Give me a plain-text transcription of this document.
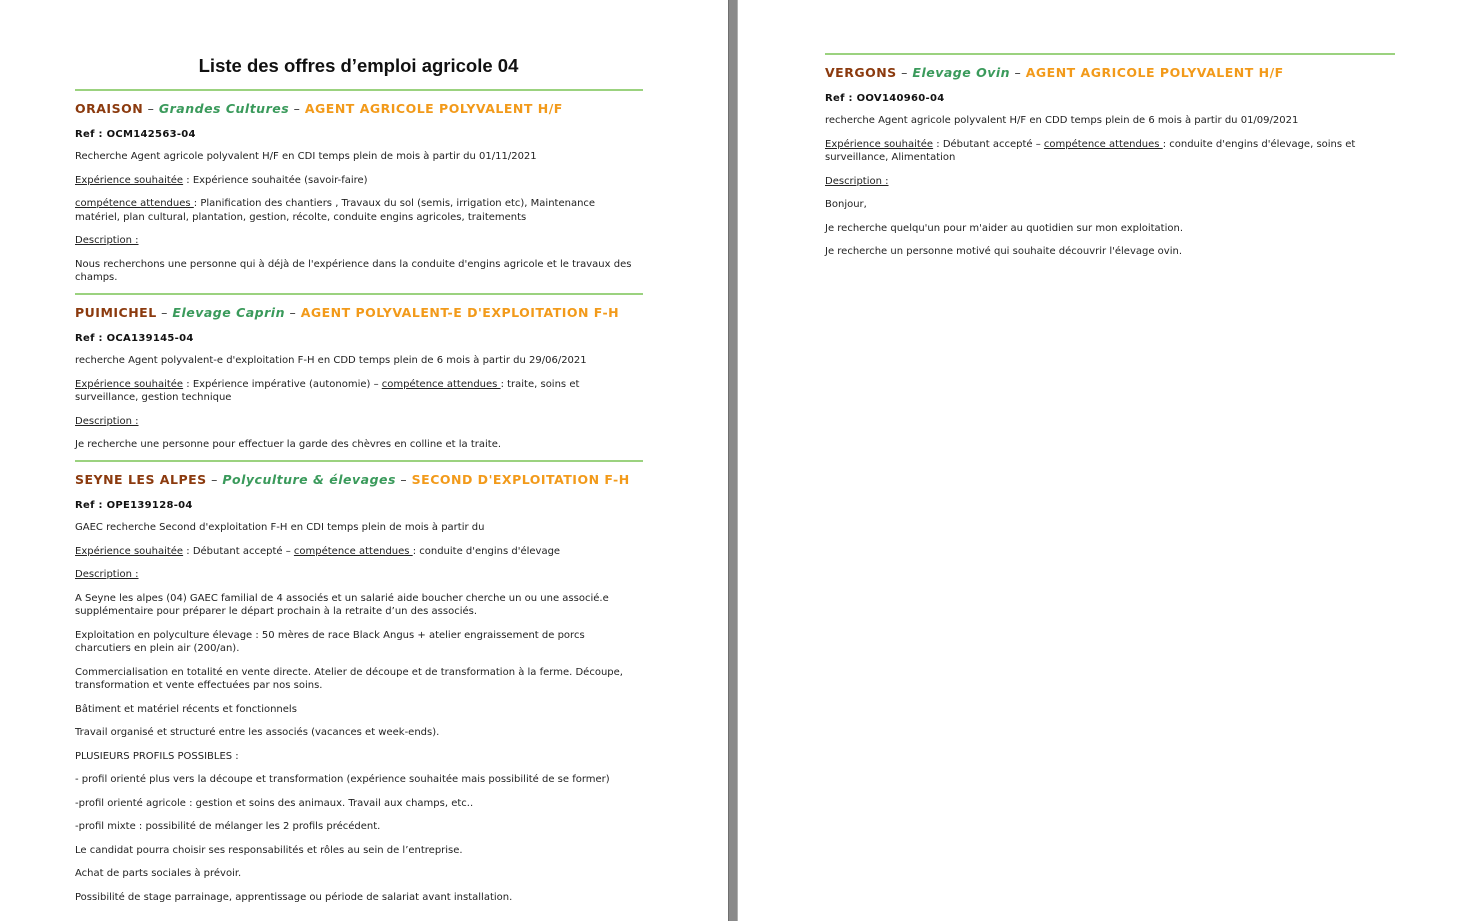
Liste des offres d’emploi agricole 04
ORAISON – Grandes Cultures – AGENT AGRICOLE POLYVALENT H/F
Ref : OCM142563-04

Recherche Agent agricole polyvalent H/F en CDI temps plein de mois à partir du 01/11/2021

Expérience souhaitée : Expérience souhaitée (savoir-faire)

compétence attendues : Planification des chantiers , Travaux du sol (semis, irrigation etc), Maintenance matériel, plan cultural, plantation, gestion, récolte, conduite engins agricoles, traitements

Description :

Nous recherchons une personne qui à déjà de l'expérience dans la conduite d'engins agricole et le travaux des champs.

PUIMICHEL – Elevage Caprin – AGENT POLYVALENT-E D'EXPLOITATION F-H
Ref : OCA139145-04

recherche Agent polyvalent-e d'exploitation F-H en CDD temps plein de 6 mois à partir du 29/06/2021

Expérience souhaitée : Expérience impérative (autonomie) – compétence attendues : traite, soins et surveillance, gestion technique

Description :

Je recherche une personne pour effectuer la garde des chèvres en colline et la traite.

SEYNE LES ALPES – Polyculture & élevages – SECOND D'EXPLOITATION F-H
Ref : OPE139128-04

GAEC recherche Second d'exploitation F-H en CDI temps plein de mois à partir du

Expérience souhaitée : Débutant accepté – compétence attendues : conduite d'engins d'élevage

Description :

A Seyne les alpes (04) GAEC familial de 4 associés et un salarié aide boucher cherche un ou une associé.e supplémentaire pour préparer le départ prochain à la retraite d’un des associés.

Exploitation en polyculture élevage : 50 mères de race Black Angus + atelier engraissement de porcs charcutiers en plein air (200/an).

Commercialisation en totalité en vente directe. Atelier de découpe et de transformation à la ferme. Découpe, transformation et vente effectuées par nos soins.

Bâtiment et matériel récents et fonctionnels

Travail organisé et structuré entre les associés (vacances et week-ends).

PLUSIEURS PROFILS POSSIBLES :

- profil orienté plus vers la découpe et transformation (expérience souhaitée mais possibilité de se former)

-profil orienté agricole : gestion et soins des animaux. Travail aux champs, etc..

-profil mixte : possibilité de mélanger les 2 profils précédent.

Le candidat pourra choisir ses responsabilités et rôles au sein de l’entreprise.

Achat de parts sociales à prévoir.

Possibilité de stage parrainage, apprentissage ou période de salariat avant installation.

VERGONS – Elevage Ovin – AGENT AGRICOLE POLYVALENT H/F
Ref : OOV140960-04

recherche Agent agricole polyvalent H/F en CDD temps plein de 6 mois à partir du 01/09/2021

Expérience souhaitée : Débutant accepté – compétence attendues : conduite d'engins d'élevage, soins et surveillance, Alimentation

Description :

Bonjour,

Je recherche quelqu'un pour m'aider au quotidien sur mon exploitation.

Je recherche un personne motivé qui souhaite découvrir l'élevage ovin.
